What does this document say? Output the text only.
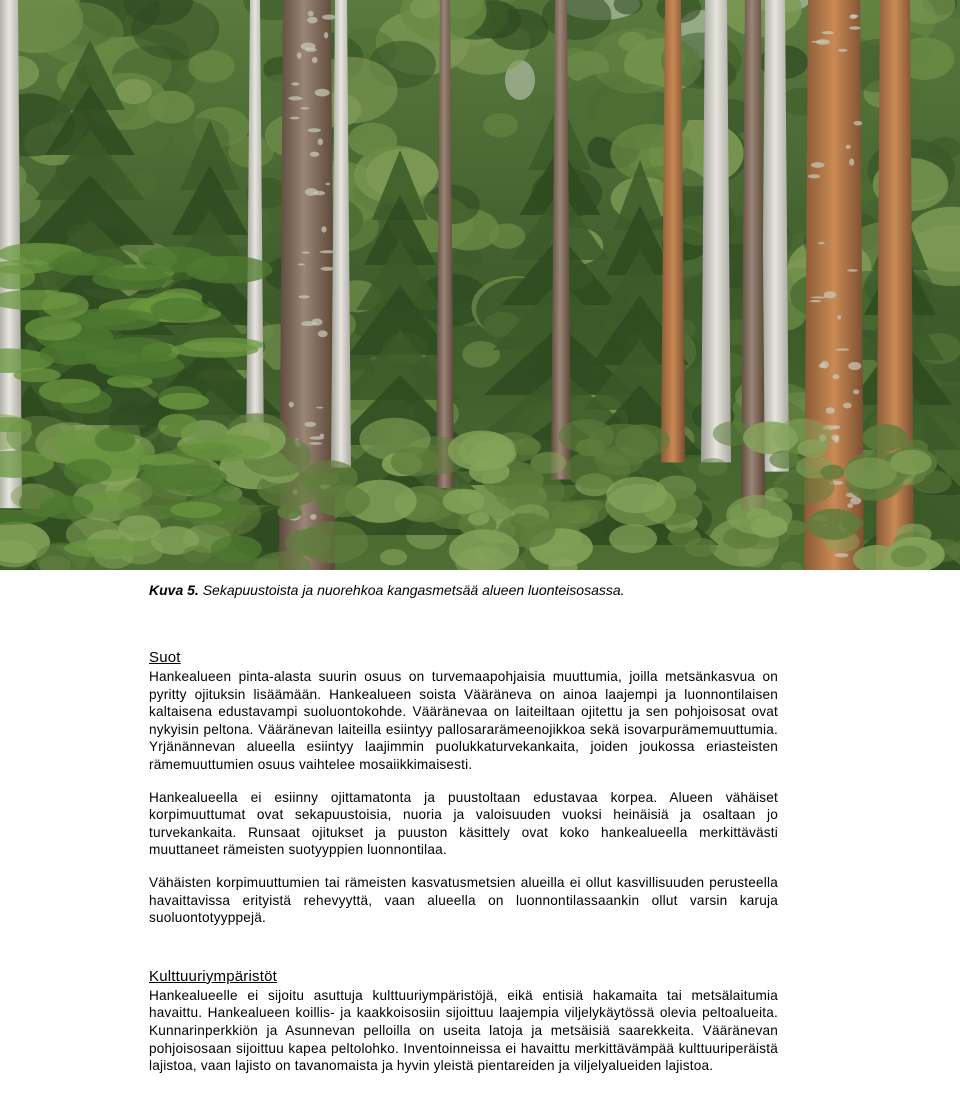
Kuva 5. Sekapuustoista ja nuorehkoa kangasmetsää alueen luonteisosassa.
Suot

Hankealueen pinta-alasta suurin osuus on turvemaapohjaisia muuttumia, joilla metsänkasvua on pyritty ojituksin lisäämään. Hankealueen soista Vääräneva on ainoa laajempi ja luonnontilaisen kaltaisena edustavampi suoluontokohde. Vääränevaa on laiteiltaan ojitettu ja sen pohjoisosat ovat nykyisin peltona. Vääränevan laiteilla esiintyy pallosararämeenojikkoa sekä isovarpurämemuuttumia. Yrjänännevan alueella esiintyy laajimmin puolukkaturvekankaita, joiden joukossa eriasteisten rämemuuttumien osuus vaihtelee mosaiikkimaisesti.

Hankealueella ei esiinny ojittamatonta ja puustoltaan edustavaa korpea. Alueen vähäiset korpimuuttumat ovat sekapuustoisia, nuoria ja valoisuuden vuoksi heinäisiä ja osaltaan jo turvekankaita. Runsaat ojitukset ja puuston käsittely ovat koko hankealueella merkittävästi muuttaneet rämeisten suotyyppien luonnontilaa.

Vähäisten korpimuuttumien tai rämeisten kasvatusmetsien alueilla ei ollut kasvillisuuden perusteella havaittavissa erityistä rehevyyttä, vaan alueella on luonnontilassaankin ollut varsin karuja suoluontotyyppejä.

Kulttuuriympäristöt

Hankealueelle ei sijoitu asuttuja kulttuuriympäristöjä, eikä entisiä hakamaita tai metsälaitumia havaittu. Hankealueen koillis- ja kaakkoisosiin sijoittuu laajempia viljelykäytössä olevia peltoalueita. Kunnarinperkkiön ja Asunnevan pelloilla on useita latoja ja metsäisiä saarekkeita. Vääränevan pohjoisosaan sijoittuu kapea peltolohko. Inventoinneissa ei havaittu merkittävämpää kulttuuriperäistä lajistoa, vaan lajisto on tavanomaista ja hyvin yleistä pientareiden ja viljelyalueiden lajistoa.
